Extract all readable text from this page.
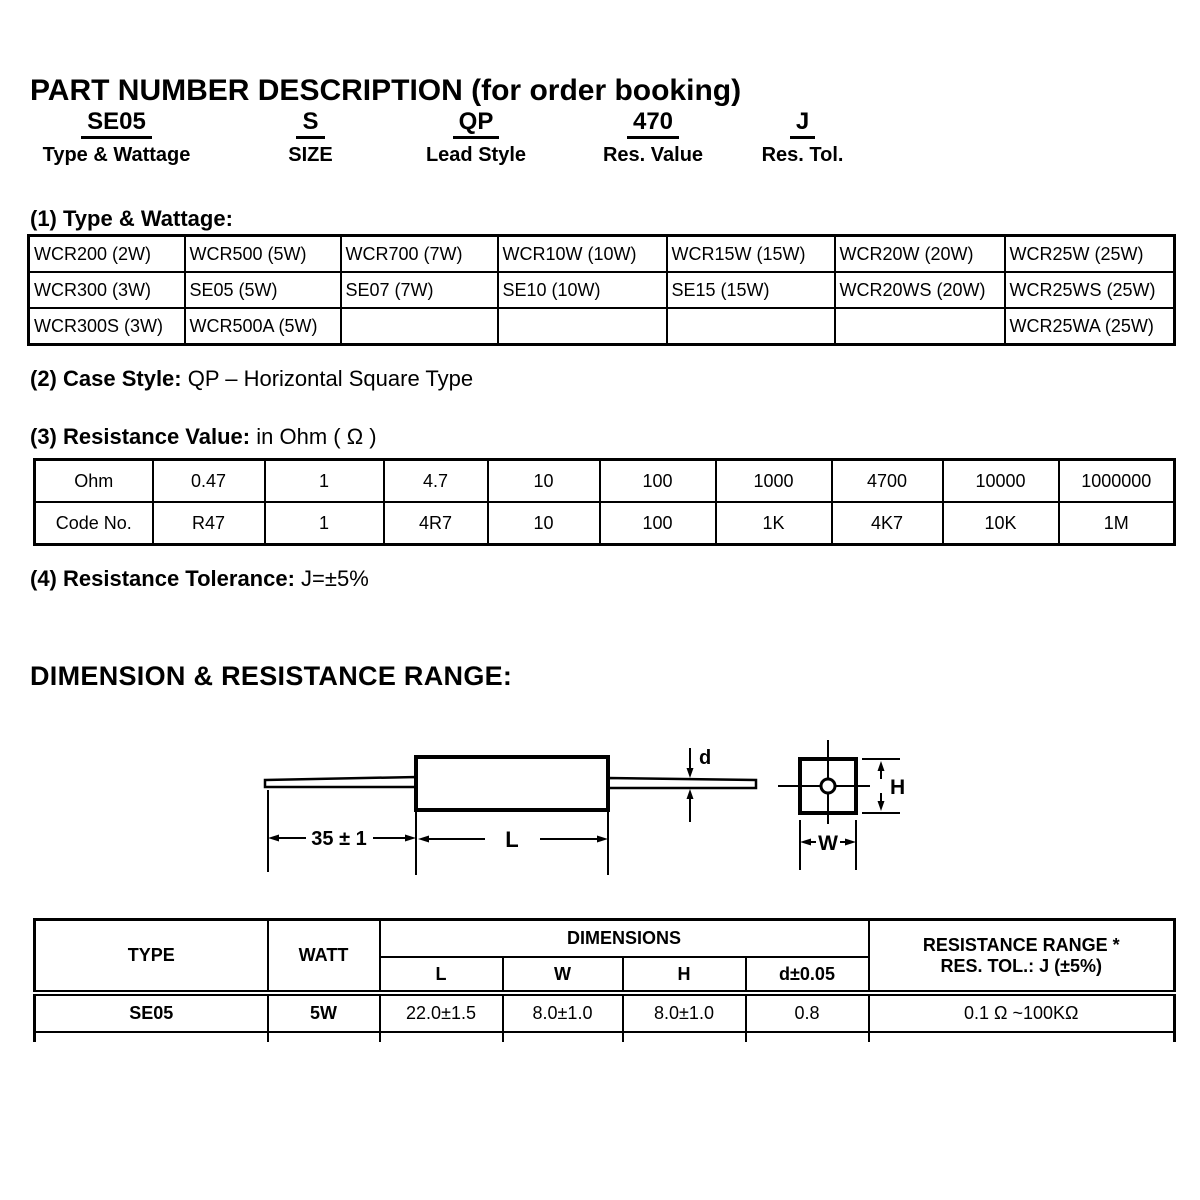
PART NUMBER DESCRIPTION (for order booking)
SE05
Type & Wattage
S
SIZE
QP
Lead Style
470
Res. Value
J
Res. Tol.
(1) Type & Wattage:
WCR200 (2W)	WCR500 (5W)	WCR700 (7W)	WCR10W (10W)	WCR15W (15W)	WCR20W (20W)	WCR25W (25W)
WCR300 (3W)	SE05 (5W)	SE07 (7W)	SE10 (10W)	SE15 (15W)	WCR20WS (20W)	WCR25WS (25W)
WCR300S (3W)	WCR500A (5W)					WCR25WA (25W)
(2) Case Style: QP – Horizontal Square Type
(3) Resistance Value: in Ohm ( Ω )
Ohm	0.47	1	4.7	10	100	1000	4700	10000	1000000
Code No.	R47	1	4R7	10	100	1K	4K7	10K	1M
(4) Resistance Tolerance: J=±5%
DIMENSION & RESISTANCE RANGE:
d
35 ± 1	L
H
W
TYPE	WATT	DIMENSIONS				RESISTANCE RANGE *
RES. TOL.: J (±5%)

		L	W	H	d±0.05	
SE05	5W	22.0±1.5	8.0±1.0	8.0±1.0	0.8	0.1 Ω ~100KΩ
